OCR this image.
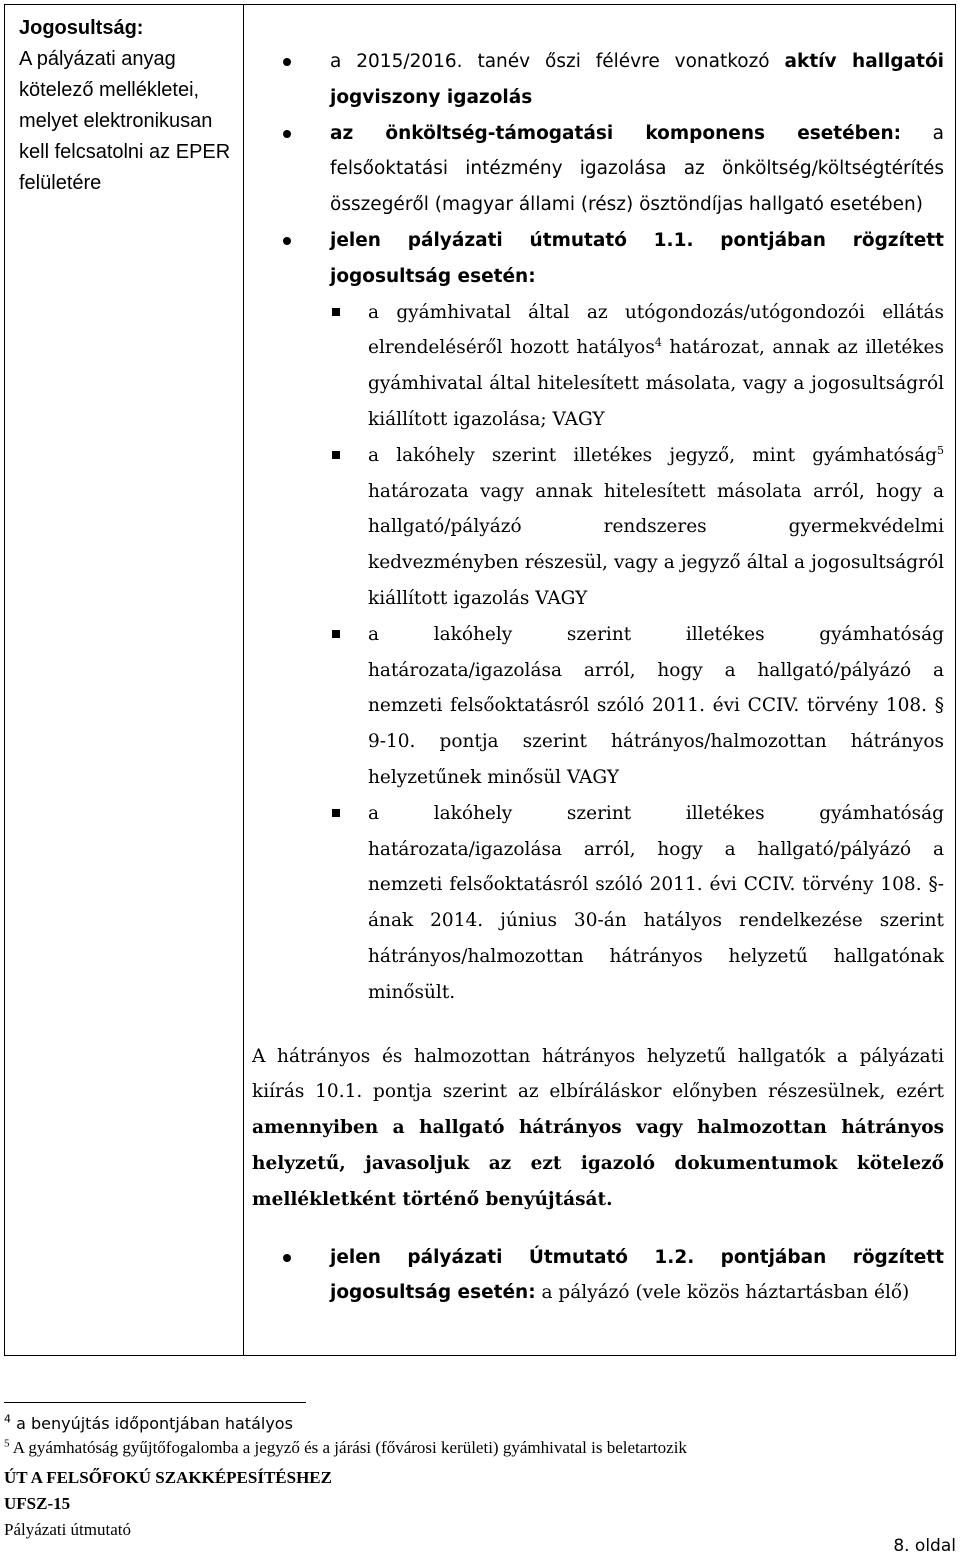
Jogosultság:
A pályázati anyag kötelező mellékletei, melyet elektronikusan kell felcsatolni az EPER felületére
a 2015/2016. tanév őszi félévre vonatkozó aktív hallgatói jogviszony igazolás
az önköltség-támogatási komponens esetében: a felsőoktatási intézmény igazolása az önköltség/költségtérítés összegéről (magyar állami (rész) ösztöndíjas hallgató esetében)
jelen pályázati útmutató 1.1. pontjában rögzített jogosultság esetén:
a gyámhivatal által az utógondozás/utógondozói ellátás elrendeléséről hozott hatályos$^4$ határozat, annak az illetékes gyámhivatal által hitelesített másolata, vagy a jogosultságról kiállított igazolása; VAGY
a lakóhely szerint illetékes jegyző, mint gyámhatóság$^5$ határozata vagy annak hitelesített másolata arról, hogy a hallgató/pályázó rendszeres gyermekvédelmi kedvezményben részesül, vagy a jegyző által a jogosultságról kiállított igazolás VAGY
a lakóhely szerint illetékes gyámhatóság határozata/igazolása arról, hogy a hallgató/pályázó a nemzeti felsőoktatásról szóló 2011. évi CCIV. törvény 108. § 9-10. pontja szerint hátrányos/halmozottan hátrányos helyzetűnek minősül VAGY
a lakóhely szerint illetékes gyámhatóság határozata/igazolása arról, hogy a hallgató/pályázó a nemzeti felsőoktatásról szóló 2011. évi CCIV. törvény 108. §-ának 2014. június 30-án hatályos rendelkezése szerint hátrányos/halmozottan hátrányos helyzetű hallgatónak minősült.
A hátrányos és halmozottan hátrányos helyzetű hallgatók a pályázati kiírás 10.1. pontja szerint az elbíráláskor előnyben részesülnek, ezért amennyiben a hallgató hátrányos vagy halmozottan hátrányos helyzetű, javasoljuk az ezt igazoló dokumentumok kötelező mellékletként történő benyújtását.
jelen pályázati Útmutató 1.2. pontjában rögzített jogosultság esetén: a pályázó (vele közös háztartásban élő)
$^4$ a benyújtás időpontjában hatályos
$^5$ A gyámhatóság gyűjtőfogalomba a jegyző és a járási (fővárosi kerületi) gyámhivatal is beletartozik
ÚT A FELSŐFOKÚ SZAKKÉPESÍTÉSHEZ
UFSZ-15
Pályázati útmutató
8. oldal
